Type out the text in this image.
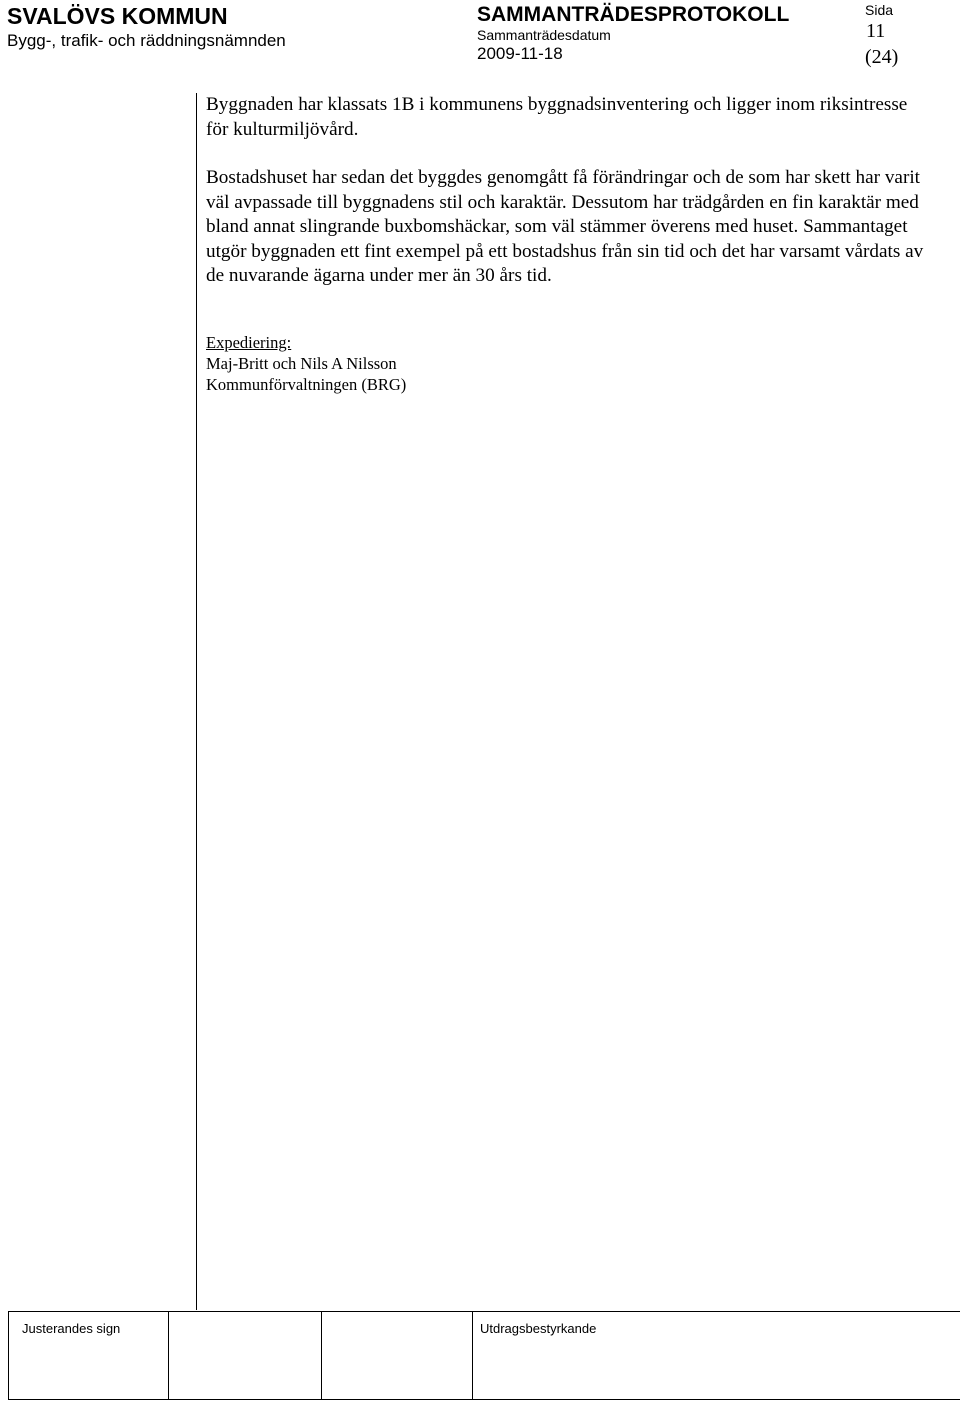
SVALÖVS KOMMUN
Bygg-, trafik- och räddningsnämnden
SAMMANTRÄDESPROTOKOLL
Sammanträdesdatum
2009-11-18
Sida
11
(24)

Byggnaden har klassats 1B i kommunens byggnadsinventering och ligger inom riksintresse för kulturmiljövård.

Bostadshuset har sedan det byggdes genomgått få förändringar och de som har skett har varit väl avpassade till byggnadens stil och karaktär. Dessutom har trädgården en fin karaktär med bland annat slingrande buxbomshäckar, som väl stämmer överens med huset. Sammantaget utgör byggnaden ett fint exempel på ett bostadshus från sin tid och det har varsamt vårdats av de nuvarande ägarna under mer än 30 års tid.

Expediering:
Maj-Britt och Nils A Nilsson
Kommunförvaltningen (BRG)
Justerandes sign	Utdragsbestyrkande
